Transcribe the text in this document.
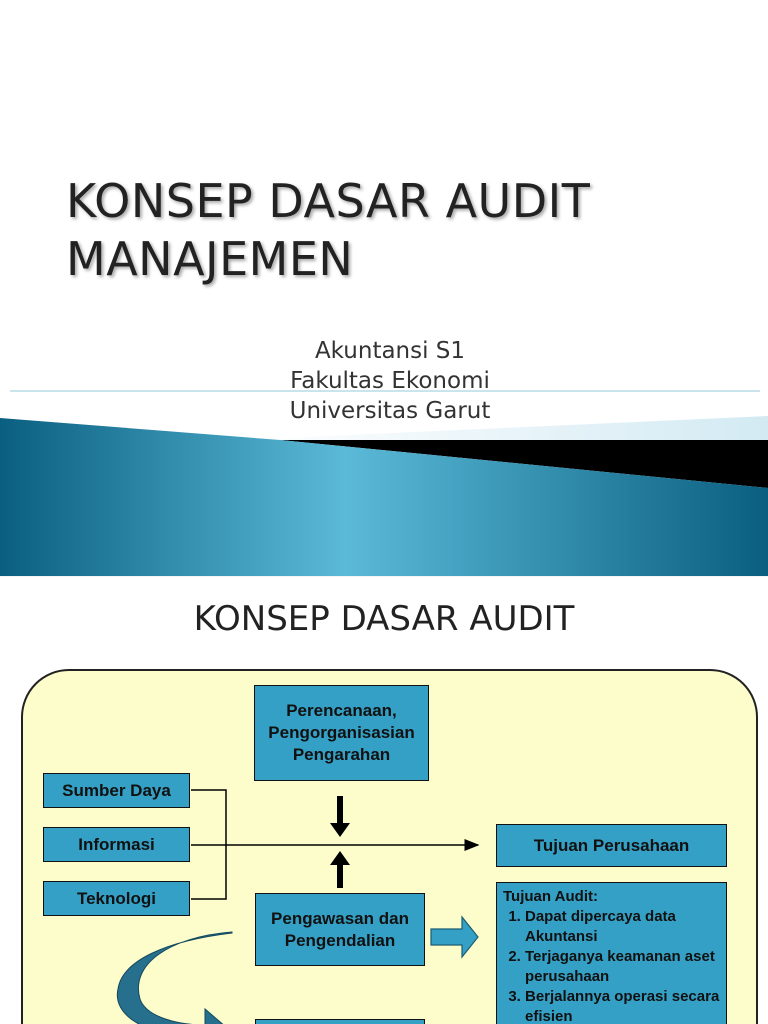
KONSEP DASAR AUDIT
MANAJEMEN
Akuntansi S1
Fakultas Ekonomi
Universitas Garut
KONSEP DASAR AUDIT
Perencanaan,
Pengorganisasian
Pengarahan
Sumber Daya
Informasi
Teknologi
Tujuan Perusahaan
Pengawasan dan
Pengendalian
Tujuan Audit:
1. Dapat dipercaya data Akuntansi
2. Terjaganya keamanan aset perusahaan
3. Berjalannya operasi secara efisien
